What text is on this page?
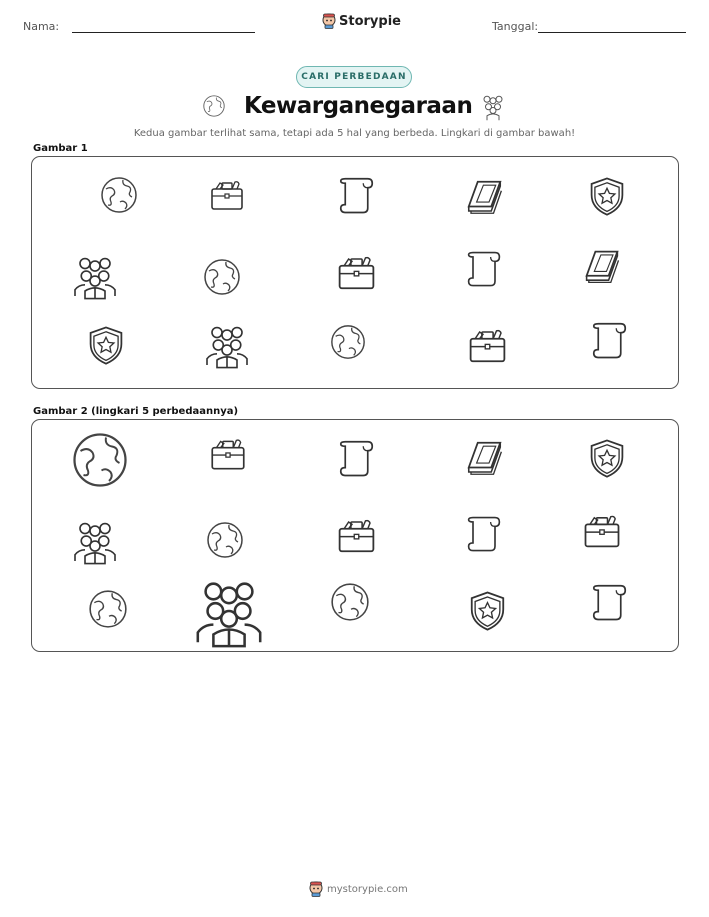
Nama:	Storypie	Tanggal:
CARI PERBEDAAN
Kewarganegaraan
Kedua gambar terlihat sama, tetapi ada 5 hal yang berbeda. Lingkari di gambar bawah!
Gambar 1
Gambar 2 (lingkari 5 perbedaannya)
mystorypie.com
